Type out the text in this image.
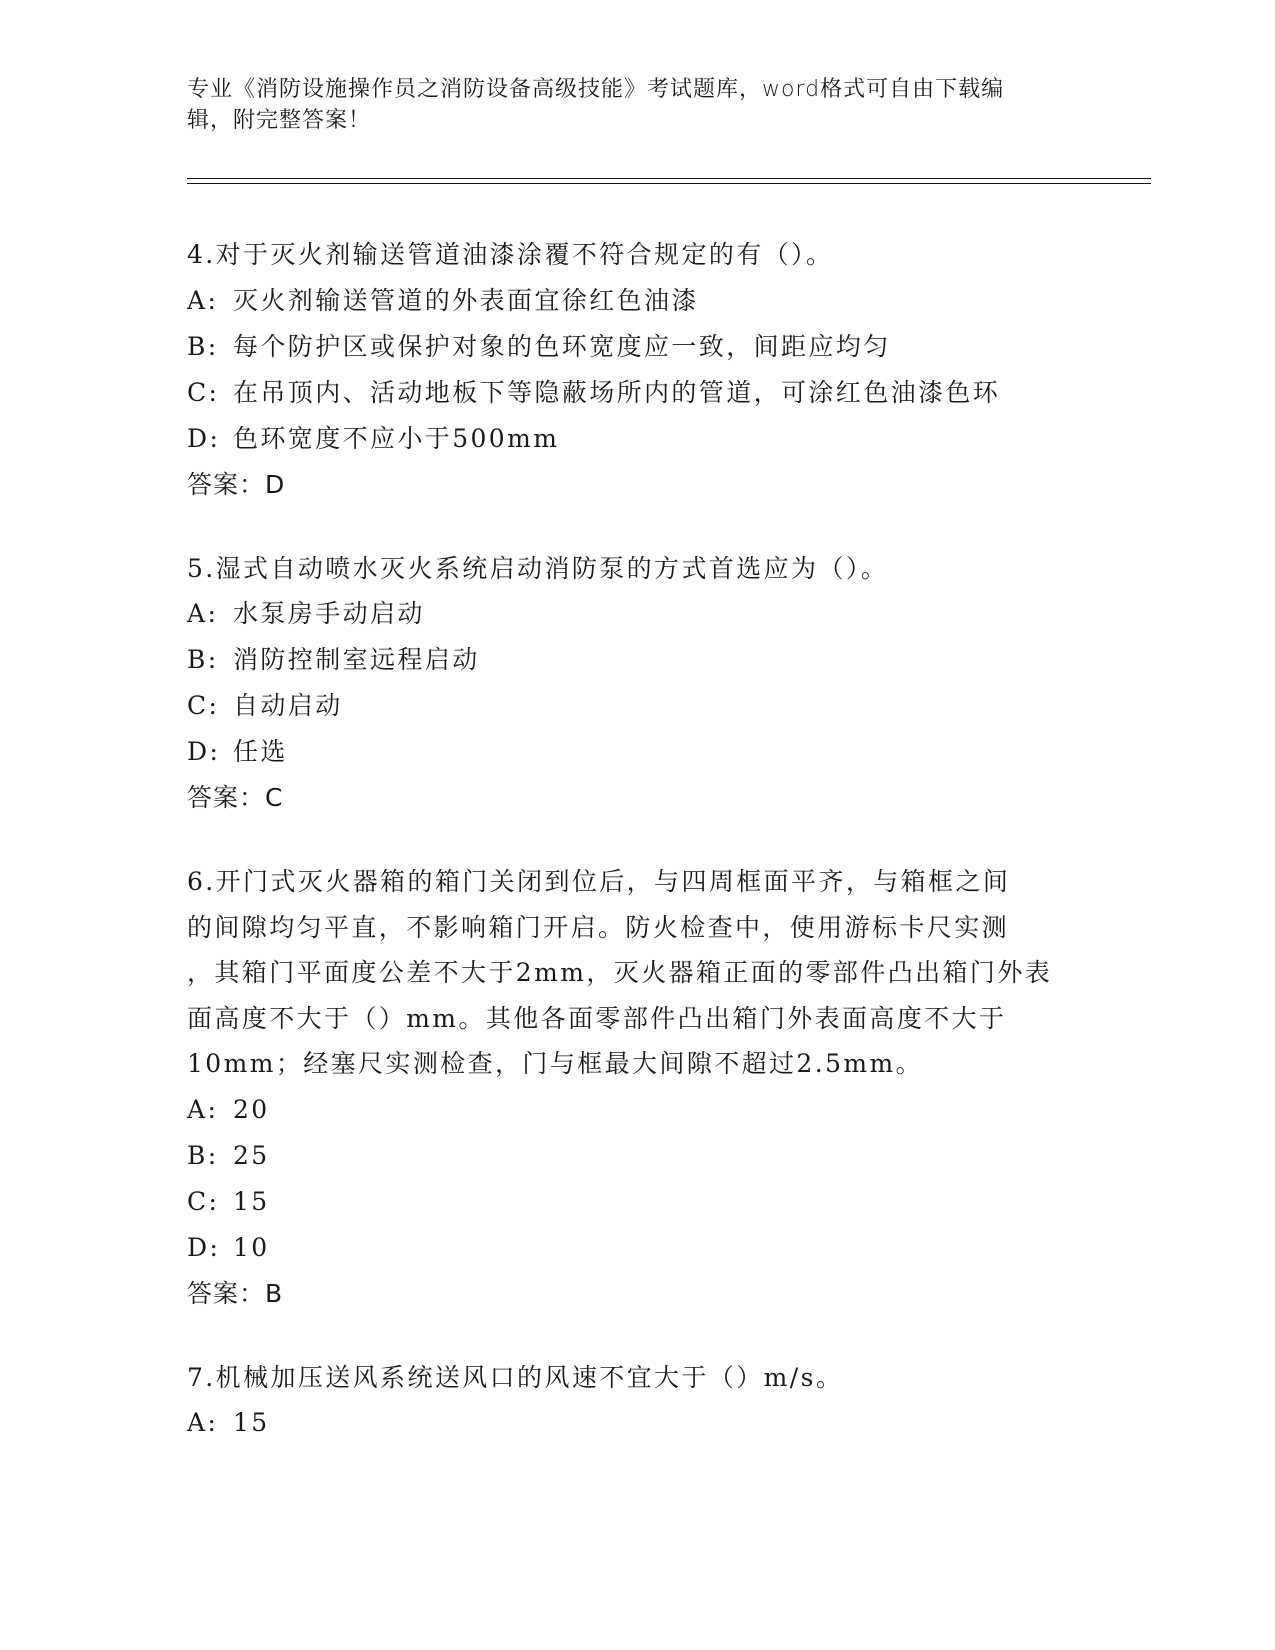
专业《消防设施操作员之消防设备高级技能》考试题库，word格式可自由下载编
辑，附完整答案！
4.对于灭火剂输送管道油漆涂覆不符合规定的有（）。
A: 灭火剂输送管道的外表面宜徐红色油漆
B: 每个防护区或保护对象的色环宽度应一致，间距应均匀
C: 在吊顶内、活动地板下等隐蔽场所内的管道，可涂红色油漆色环
D: 色环宽度不应小于500mm
答案：D
5.湿式自动喷水灭火系统启动消防泵的方式首选应为（）。
A: 水泵房手动启动
B: 消防控制室远程启动
C: 自动启动
D: 任选
答案：C
6.开门式灭火器箱的箱门关闭到位后，与四周框面平齐，与箱框之间
的间隙均匀平直，不影响箱门开启。防火检查中，使用游标卡尺实测
，其箱门平面度公差不大于2mm，灭火器箱正面的零部件凸出箱门外表
面高度不大于（）mm。其他各面零部件凸出箱门外表面高度不大于
10mm；经塞尺实测检查，门与框最大间隙不超过2.5mm。
A: 20
B: 25
C: 15
D: 10
答案：B
7.机械加压送风系统送风口的风速不宜大于（）m/s。
A: 15
